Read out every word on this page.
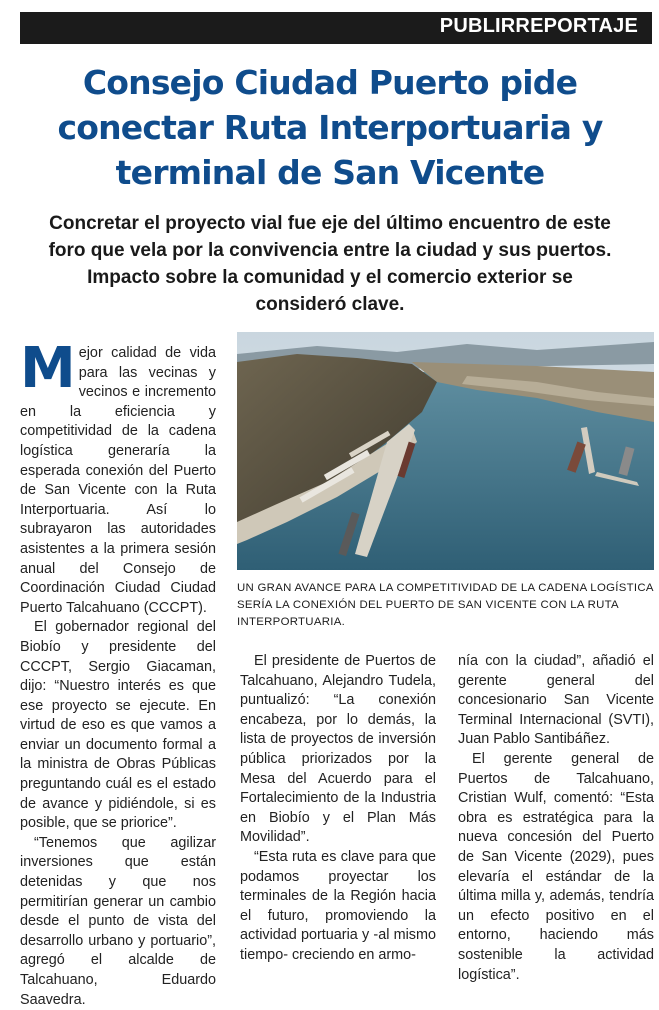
PUBLIRREPORTAJE
Consejo Ciudad Puerto pide
conectar Ruta Interportuaria y
terminal de San Vicente
Concretar el proyecto vial fue eje del último encuentro de este
foro que vela por la convivencia entre la ciudad y sus puertos.
Impacto sobre la comunidad y el comercio exterior se
consideró clave.

Mejor calidad de vida para las vecinas y vecinos e incremento en la eficiencia y competitividad de la cadena logística generaría la esperada conexión del Puerto de San Vicente con la Ruta Interportuaria. Así lo subrayaron las autoridades asistentes a la primera sesión anual del Consejo de Coordinación Ciudad Ciudad Puerto Talcahuano (CCCPT).

El gobernador regional del Biobío y presidente del CCCPT, Sergio Giacaman, dijo: “Nuestro interés es que ese proyecto se ejecute. En virtud de eso es que vamos a enviar un documento formal a la ministra de Obras Públicas preguntando cuál es el estado de avance y pidiéndole, si es posible, que se priorice”.

“Tenemos que agilizar inversiones que están detenidas y que nos permitirían generar un cambio desde el punto de vista del desarrollo urbano y portuario”, agregó el alcalde de Talcahuano, Eduardo Saavedra.

UN GRAN AVANCE PARA LA COMPETITIVIDAD DE LA CADENA LOGÍSTICA SERÍA LA CONEXIÓN DEL PUERTO DE SAN VICENTE CON LA RUTA INTERPORTUARIA.

El presidente de Puertos de Talcahuano, Alejandro Tudela, puntualizó: “La conexión encabeza, por lo demás, la lista de proyectos de inversión pública priorizados por la Mesa del Acuerdo para el Fortalecimiento de la Industria en Biobío y el Plan Más Movilidad”.

“Esta ruta es clave para que podamos proyectar los terminales de la Región hacia el futuro, promoviendo la actividad portuaria y -al mismo tiempo- creciendo en armo-

nía con la ciudad”, añadió el gerente general del concesionario San Vicente Terminal Internacional (SVTI), Juan Pablo Santibáñez.

El gerente general de Puertos de Talcahuano, Cristian Wulf, comentó: “Esta obra es estratégica para la nueva concesión del Puerto de San Vicente (2029), pues elevaría el estándar de la última milla y, además, tendría un efecto positivo en el entorno, haciendo más sostenible la actividad logística”.
